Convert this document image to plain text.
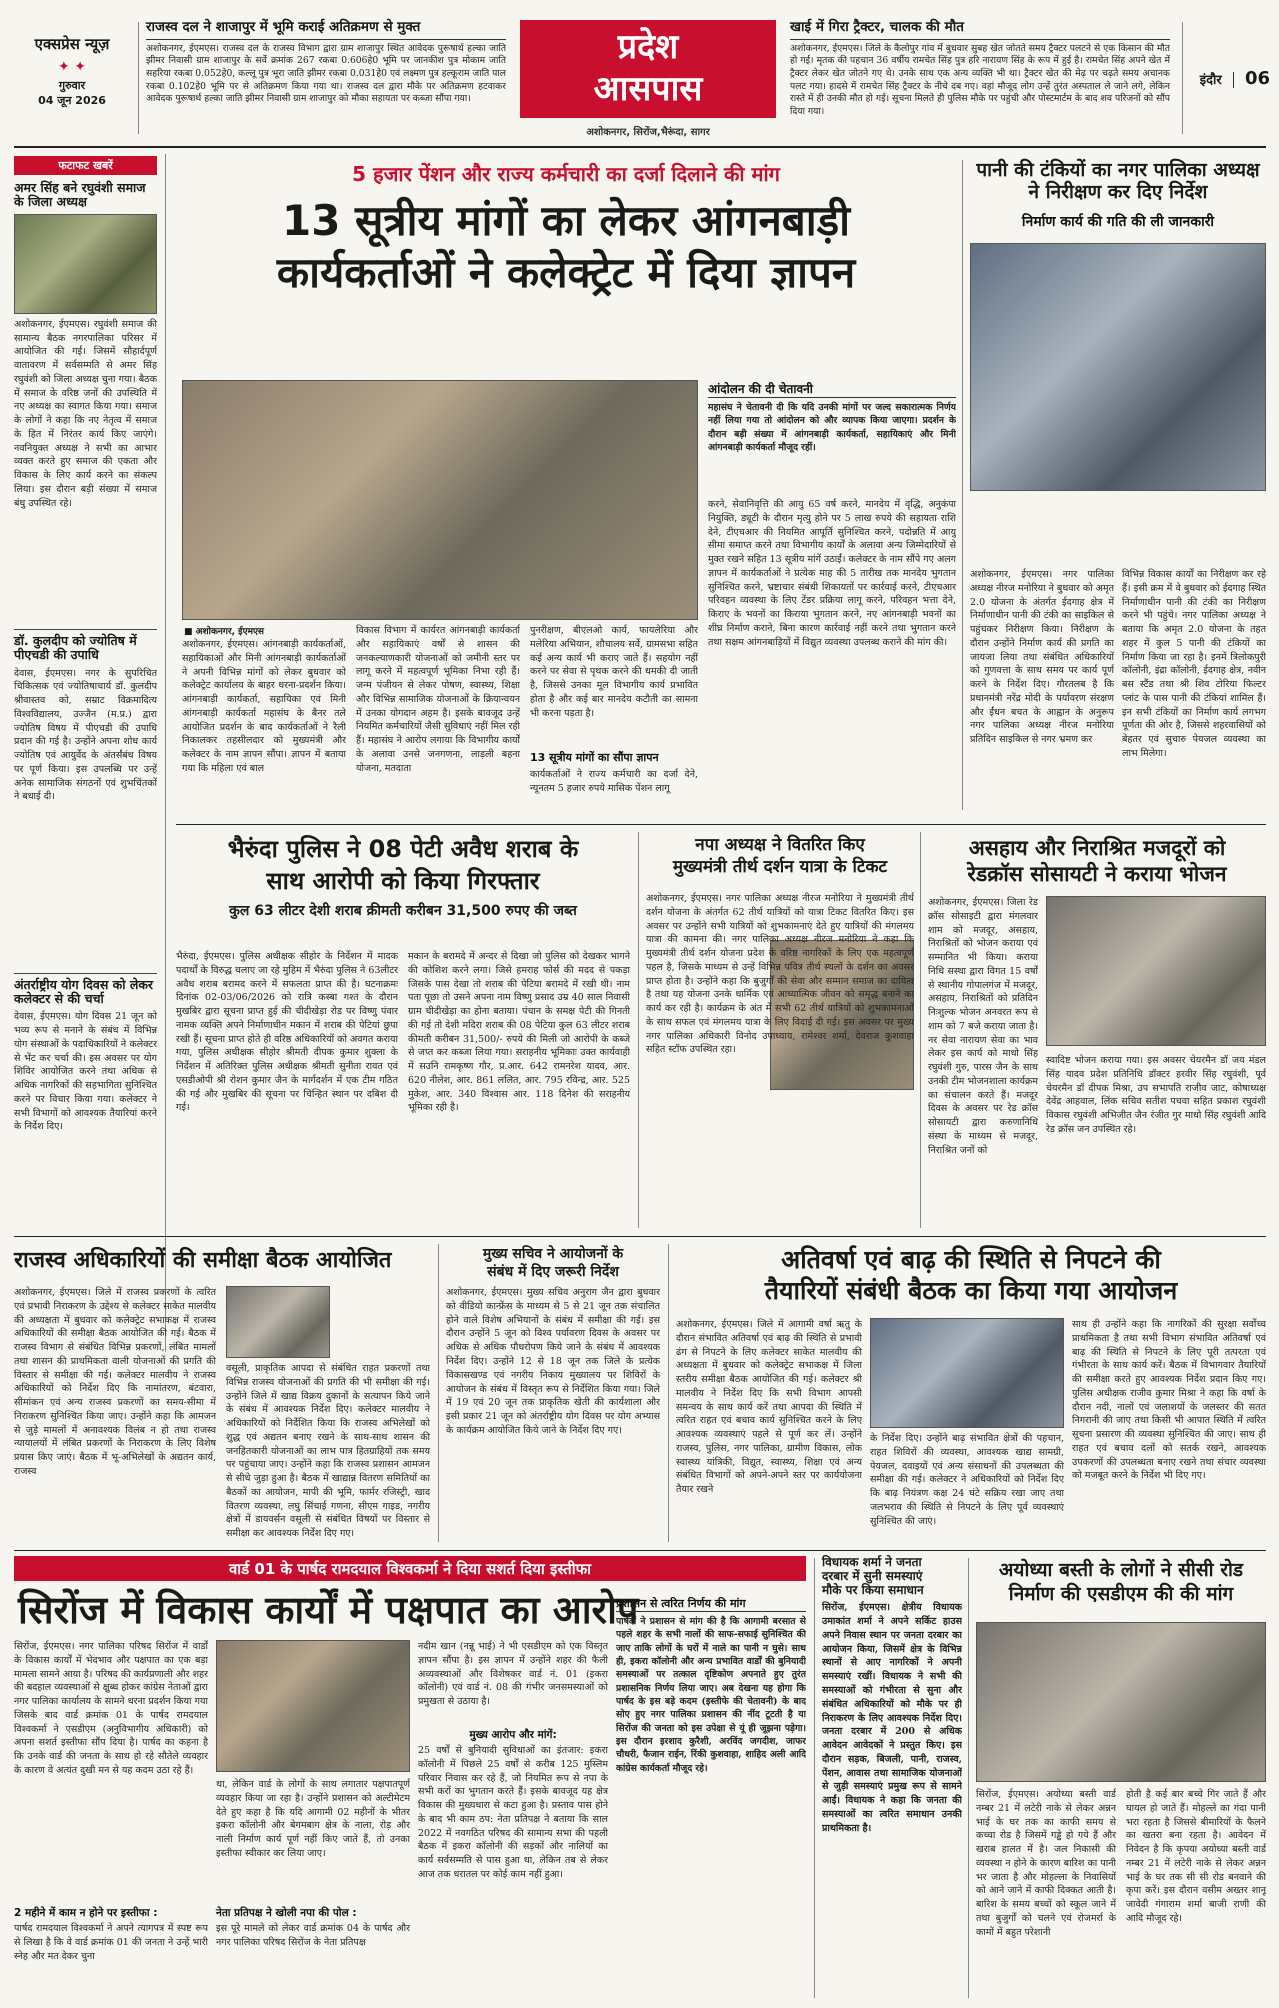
एक्सप्रेस न्यूज़
✦ ✦
गुरुवार
04 जून 2026
राजस्व दल ने शाजापुर में भूमि कराई अतिक्रमण से मुक्त
अशोकनगर, ईएमएस। राजस्व दल के राजस्व विभाग द्वारा ग्राम शाजापुर स्थित आवेदक पुरूषार्थ हल्का जाति झीमर निवासी ग्राम शाजापुर के सर्वे क्रमांक 267 रकबा 0.606हे0 भूमि पर जानकीश पुत्र मोकाम जाति सहरिया रकबा 0.052हे0, कल्लू पुत्र भूरा जाति झीमर रकबा 0.031हे0 एवं लक्ष्मण पुत्र हल्कूराम जाति पाल रकबा 0.102हे0 भूमि पर से अतिक्रमण किया गया था। राजस्व दल द्वारा मौके पर अतिक्रमण हटवाकर आवेदक पुरूषार्थ हल्का जाति झीमर निवासी ग्राम शाजापुर को मौका सहायता पर कब्जा सौंपा गया।
प्रदेश
आसपास
अशोकनगर, सिरोंज,भैरूंदा, सागर
खाई में गिरा ट्रैक्टर, चालक की मौत
अशोकनगर, ईएमएस। जिले के कैलोपुर गांव में बुधवार सुबह खेत जोतते समय ट्रैक्टर पलटने से एक किसान की मौत हो गई। मृतक की पहचान 36 वर्षीय रामचेत सिंह पुत्र हरि नारायण सिंह के रूप में हुई है। रामचेत सिंह अपने खेत में ट्रैक्टर लेकर खेत जोतने गए थे। उनके साथ एक अन्य व्यक्ति भी था। ट्रैक्टर खेत की मेढ़ पर चढ़ते समय अचानक पलट गया। हादसे में रामचेत सिंह ट्रैक्टर के नीचे दब गए। वहां मौजूद लोग उन्हें तुरंत अस्पताल ले जाने लगे, लेकिन रास्ते में ही उनकी मौत हो गई। सूचना मिलते ही पुलिस मौके पर पहुंची और पोस्टमार्टम के बाद शव परिजनों को सौंप दिया गया।
इंदौर 06
फटाफट खबरें
अमर सिंह बने रघुवंशी समाज के जिला अध्यक्ष
अशोकनगर, ईएमएस। रघुवंशी समाज की सामान्य बैठक नगरपालिका परिसर में आयोजित की गई। जिसमें सौहार्दपूर्ण वातावरण में सर्वसम्मति से अमर सिंह रघुवंशी को जिला अध्यक्ष चुना गया। बैठक में समाज के वरिष्ठ जनों की उपस्थिति में नए अध्यक्ष का स्वागत किया गया। समाज के लोगों ने कहा कि नए नेतृत्व में समाज के हित में निरंतर कार्य किए जाएंगे। नवनियुक्त अध्यक्ष ने सभी का आभार व्यक्त करते हुए समाज की एकता और विकास के लिए कार्य करने का संकल्प लिया। इस दौरान बड़ी संख्या में समाज बंधु उपस्थित रहे।
डॉ. कुलदीप को ज्योतिष में पीएचडी की उपाधि
देवास, ईएमएस। नगर के सुपरिचित चिकित्सक एवं ज्योतिषाचार्य डॉ. कुलदीप श्रीवास्तव को, सम्राट विक्रमादित्य विश्वविद्यालय, उज्जैन (म.प्र.) द्वारा ज्योतिष विषय में पीएचडी की उपाधि प्रदान की गई है। उन्होंने अपना शोध कार्य ज्योतिष एवं आयुर्वेद के अंतर्संबंध विषय पर पूर्ण किया। इस उपलब्धि पर उन्हें अनेक सामाजिक संगठनों एवं शुभचिंतकों ने बधाई दी।
अंतर्राष्ट्रीय योग दिवस को लेकर कलेक्टर से की चर्चा
देवास, ईएमएस। योग दिवस 21 जून को भव्य रूप से मनाने के संबंध में विभिन्न योग संस्थाओं के पदाधिकारियों ने कलेक्टर से भेंट कर चर्चा की। इस अवसर पर योग शिविर आयोजित करने तथा अधिक से अधिक नागरिकों की सहभागिता सुनिश्चित करने पर विचार किया गया। कलेक्टर ने सभी विभागों को आवश्यक तैयारियां करने के निर्देश दिए।
5 हजार पेंशन और राज्य कर्मचारी का दर्जा दिलाने की मांग
13 सूत्रीय मांगों का लेकर आंगनबाड़ी
कार्यकर्ताओं ने कलेक्ट्रेट में दिया ज्ञापन
आंदोलन की दी चेतावनी
महासंघ ने चेतावनी दी कि यदि उनकी मांगों पर जल्द सकारात्मक निर्णय नहीं लिया गया तो आंदोलन को और व्यापक किया जाएगा। प्रदर्शन के दौरान बड़ी संख्या में आंगनबाड़ी कार्यकर्ता, सहायिकाएं और मिनी आंगनबाड़ी कार्यकर्ता मौजूद रहीं।
करने, सेवानिवृत्ति की आयु 65 वर्ष करने, मानदेय में वृद्धि, अनुकंपा नियुक्ति, ड्यूटी के दौरान मृत्यु होने पर 5 लाख रुपये की सहायता राशि देने, टीएचआर की नियमित आपूर्ति सुनिश्चित करने, पदोन्नति में आयु सीमा समाप्त करने तथा विभागीय कार्यों के अलावा अन्य जिम्मेदारियों से मुक्त रखने सहित 13 सूत्रीय मांगें उठाईं। कलेक्टर के नाम सौंपे गए अलग ज्ञापन में कार्यकर्ताओं ने प्रत्येक माह की 5 तारीख तक मानदेय भुगतान सुनिश्चित करने, भ्रष्टाचार संबंधी शिकायतों पर कार्रवाई करने, टीएचआर परिवहन व्यवस्था के लिए टेंडर प्रक्रिया लागू करने, परिवहन भत्ता देने, किराए के भवनों का किराया भुगतान करने, नए आंगनबाड़ी भवनों का शीघ्र निर्माण कराने, बिना कारण कार्रवाई नहीं करने तथा भुगतान करने तथा सक्षम आंगनबाड़ियों में विद्युत व्यवस्था उपलब्ध कराने की मांग की।
■ अशोकनगर, ईएमएस
अशोकनगर, ईएमएस। आंगनबाड़ी कार्यकर्ताओं, सहायिकाओं और मिनी आंगनबाड़ी कार्यकर्ताओं ने अपनी विभिन्न मांगों को लेकर बुधवार को कलेक्ट्रेट कार्यालय के बाहर धरना-प्रदर्शन किया। आंगनबाड़ी कार्यकर्ता, सहायिका एवं मिनी आंगनबाड़ी कार्यकर्ता महासंघ के बैनर तले आयोजित प्रदर्शन के बाद कार्यकर्ताओं ने रैली निकालकर तहसीलदार को मुख्यमंत्री और कलेक्टर के नाम ज्ञापन सौंपा। ज्ञापन में बताया गया कि महिला एवं बाल
विकास विभाग में कार्यरत आंगनबाड़ी कार्यकर्ता और सहायिकाएं वर्षों से शासन की जनकल्याणकारी योजनाओं को जमीनी स्तर पर लागू करने में महत्वपूर्ण भूमिका निभा रही हैं। जन्म पंजीयन से लेकर पोषण, स्वास्थ्य, शिक्षा और विभिन्न सामाजिक योजनाओं के क्रियान्वयन में उनका योगदान अहम है। इसके बावजूद उन्हें नियमित कर्मचारियों जैसी सुविधाएं नहीं मिल रही हैं। महासंघ ने आरोप लगाया कि विभागीय कार्यों के अलावा उनसे जनगणना, लाड़ली बहना योजना, मतदाता
पुनरीक्षण, बीएलओ कार्य, फायलेरिया और मलेरिया अभियान, शौचालय सर्वे, ग्रामसभा सहित कई अन्य कार्य भी कराए जाते हैं। सहयोग नहीं करने पर सेवा से पृथक करने की धमकी दी जाती है, जिससे उनका मूल विभागीय कार्य प्रभावित होता है और कई बार मानदेय कटौती का सामना भी करना पड़ता है।
13 सूत्रीय मांगों का सौंपा ज्ञापन
कार्यकर्ताओं ने राज्य कर्मचारी का दर्जा देने, न्यूनतम 5 हजार रुपये मासिक पेंशन लागू
पानी की टंकियों का नगर पालिका अध्यक्ष ने निरीक्षण कर दिए निर्देश
निर्माण कार्य की गति की ली जानकारी
अशोकनगर, ईएमएस। नगर पालिका अध्यक्ष नीरज मनोरिया ने बुधवार को अमृत 2.0 योजना के अंतर्गत ईदगाह क्षेत्र में निर्माणाधीन पानी की टंकी का साइकिल से पहुंचकर निरीक्षण किया। निरीक्षण के दौरान उन्होंने निर्माण कार्य की प्रगति का जायजा लिया तथा संबंधित अधिकारियों को गुणवत्ता के साथ समय पर कार्य पूर्ण करने के निर्देश दिए। गौरतलब है कि प्रधानमंत्री नरेंद्र मोदी के पर्यावरण संरक्षण और ईंधन बचत के आह्वान के अनुरूप नगर पालिका अध्यक्ष नीरज मनोरिया प्रतिदिन साइकिल से नगर भ्रमण कर
विभिन्न विकास कार्यों का निरीक्षण कर रहे हैं। इसी क्रम में वे बुधवार को ईदगाह स्थित निर्माणाधीन पानी की टंकी का निरीक्षण करने भी पहुंचे। नगर पालिका अध्यक्ष ने बताया कि अमृत 2.0 योजना के तहत शहर में कुल 5 पानी की टंकियों का निर्माण किया जा रहा है। इनमें त्रिलोकपुरी कॉलोनी, इंद्रा कॉलोनी, ईदगाह क्षेत्र, नवीन बस स्टैंड तथा श्री शिव टोरिया फिल्टर प्लांट के पास पानी की टंकियां शामिल हैं। इन सभी टंकियों का निर्माण कार्य लगभग पूर्णता की ओर है, जिससे शहरवासियों को बेहतर एवं सुचारु पेयजल व्यवस्था का लाभ मिलेगा।
भैरुंदा पुलिस ने 08 पेटी अवैध शराब के
साथ आरोपी को किया गिरफ्तार
कुल 63 लीटर देशी शराब क्रीमती करीबन 31,500 रुपए की जब्त
भैरुंदा, ईएमएस। पुलिस अधीक्षक सीहोर के निर्देशन में मादक पदार्थों के विरुद्ध चलाए जा रहे मुहिम में भैरुंदा पुलिस ने 63लीटर अवैध शराब बरामद करने में सफलता प्राप्त की है। घटनाक्रमः दिनांक 02-03/06/2026 को रात्रि कस्बा गश्त के दौरान मुखबिर द्वारा सूचना प्राप्त हुई की चीदीखेड़ा रोड पर विष्णु पंवार नामक व्यक्ति अपने निर्माणाधीन मकान में शराब की पेटियां छुपा रखी हैं। सूचना प्राप्त होते ही वरिष्ठ अधिकारियों को अवगत कराया गया, पुलिस अधीक्षक सीहोर श्रीमती दीपक कुमार शुक्ला के निर्देशन में अतिरिक्त पुलिस अधीक्षक श्रीमती सुनीता रावत एवं एसडीओपी श्री रोशन कुमार जैन के मार्गदर्शन में एक टीम गठित की गई और मुखबिर की सूचना पर चिन्हित स्थान पर दबिश दी गई।
मकान के बरामदे में अन्दर से दिखा जो पुलिस को देखकर भागने की कोशिश करने लगा। जिसे हमराह फोर्स की मदद से पकड़ा जिसके पास देखा तो शराब की पेटिया बरामदे में रखी थी। नाम पता पूछा तो उसने अपना नाम विष्णु प्रसाद उम्र 40 साल निवासी ग्राम चीदीखेड़ा का होना बताया। पंचान के समक्ष पेटी की गिनती की गई तो देशी मदिरा शराब की 08 पेटिया कुल 63 लीटर शराब कीमती करीबन 31,500/- रुपये की मिली जो आरोपी के कब्जे से जप्त कर कब्जा लिया गया। सराहनीय भूमिकाः उक्त कार्यवाही में सउनि रामकृष्ण गौर, प्र.आर. 642 रामनरेश यादव, आर. 620 नीलेश, आर. 861 ललित, आर. 795 रविन्द्र, आर. 525 मुकेश, आर. 340 विश्वास आर. 118 दिनेश की सराहनीय भूमिका रही है।
नपा अध्यक्ष ने वितरित किए
मुख्यमंत्री तीर्थ दर्शन यात्रा के टिकट
अशोकनगर, ईएमएस। नगर पालिका अध्यक्ष नीरज मनोरिया ने मुख्यमंत्री तीर्थ दर्शन योजना के अंतर्गत 62 तीर्थ यात्रियों को यात्रा टिकट वितरित किए। इस अवसर पर उन्होंने सभी यात्रियों को शुभकामनाएं देते हुए यात्रियों की मंगलमय यात्रा की कामना की। नगर पालिका अध्यक्ष नीरज मनोरिया ने कहा कि मुख्यमंत्री तीर्थ दर्शन योजना प्रदेश के वरिष्ठ नागरिकों के लिए एक महत्वपूर्ण पहल है, जिसके माध्यम से उन्हें विभिन्न पवित्र तीर्थ स्थलों के दर्शन का अवसर प्राप्त होता है। उन्होंने कहा कि बुजुर्गों की सेवा और सम्मान समाज का दायित्व है तथा यह योजना उनके धार्मिक एवं आध्यात्मिक जीवन को समृद्ध बनाने का कार्य कर रही है। कार्यक्रम के अंत में सभी 62 तीर्थ यात्रियों को शुभकामनाओं के साथ सफल एवं मंगलमय यात्रा के लिए विदाई दी गई। इस अवसर पर मुख्य नगर पालिका अधिकारी विनोद उपाध्याय, रामेश्वर शर्मा, देवराज कुशवाहा सहित स्टॉफ उपस्थित रहा।
असहाय और निराश्रित मजदूरों को
रेडक्रॉस सोसायटी ने कराया भोजन
अशोकनगर, ईएमएस। जिला रेड क्रॉस सोसाइटी द्वारा मंगलवार शाम को मजदूर, असहाय, निराश्रितों को भोजन कराया एवं सम्मानित भी किया। कराया निधि सस्था द्वारा विगत 15 वर्षों से स्थानीय गोपालगंज में मजदूर, असहाय, निराश्रितों को प्रतिदिन निःशुल्क भोजन अनवरत रूप से शाम को 7 बजे कराया जाता है। नर सेवा नारायण सेवा का भाव लेकर इस कार्य को माधो सिंह रघुवंशी गुरु, पारस जैन के साथ उनकी टीम भोजनशाला कार्यक्रम का संचालन करते हैं। मजदूर दिवस के अवसर पर रेड क्रॉस सोसायटी द्वारा करुणानिधि संस्था के माध्यम से मजदूर, निराश्रित जनों को
स्वादिष्ट भोजन कराया गया। इस अवसर चेयरमैन डॉ जय मंडल सिंह यादव प्रदेश प्रतिनिधि डॉक्टर हरवीर सिंह रघुवंशी, पूर्व चेयरमैन डॉ दीपक मिश्रा, उप सभापति राजीव जाट, कोषाध्यक्ष देवेंद्र आहवाल, लिंक सचिव सतीश पचवा सहित प्रकाश रघुवंशी विकास रघुवंशी अभिजीत जैन रंजीत गुर माधो सिंह रघुवंशी आदि रेड क्रॉस जन उपस्थित रहे।
राजस्व अधिकारियों की समीक्षा बैठक आयोजित
अशोकनगर, ईएमएस। जिले में राजस्व प्रकरणों के त्वरित एवं प्रभावी निराकरण के उद्देश्य से कलेक्टर साकेत मालवीय की अध्यक्षता में बुधवार को कलेक्ट्रेट सभाकक्ष में राजस्व अधिकारियों की समीक्षा बैठक आयोजित की गई। बैठक में राजस्व विभाग से संबंधित विभिन्न प्रकरणों, लंबित मामलों तथा शासन की प्राथमिकता वाली योजनाओं की प्रगति की विस्तार से समीक्षा की गई। कलेक्टर मालवीय ने राजस्व अधिकारियों को निर्देश दिए कि नामांतरण, बंटवारा, सीमांकन एवं अन्य राजस्व प्रकरणों का समय-सीमा में निराकरण सुनिश्चित किया जाए। उन्होंने कहा कि आमजन से जुड़े मामलों में अनावश्यक विलंब न हो तथा राजस्व न्यायालयों में लंबित प्रकरणों के निराकरण के लिए विशेष प्रयास किए जाएं। बैठक में भू-अभिलेखों के अद्यतन कार्य, राजस्व
वसूली, प्राकृतिक आपदा से संबंधित राहत प्रकरणों तथा विभिन्न राजस्व योजनाओं की प्रगति की भी समीक्षा की गई। उन्होंने जिले में खाद्य विक्रय दुकानों के सत्यापन किये जाने के संबंध में आवश्यक निर्देश दिए। कलेक्टर मालवीय ने अधिकारियों को निर्देशित किया कि राजस्व अभिलेखों को शुद्ध एवं अद्यतन बनाए रखने के साथ-साथ शासन की जनहितकारी योजनाओं का लाभ पात्र हितग्राहियों तक समय पर पहुंचाया जाए। उन्होंने कहा कि राजस्व प्रशासन आमजन से सीधे जुड़ा हुआ है। बैठक में खाद्यान्न वितरण समितियों का बैठकों का आयोजन, मापी की भूमि, फार्मर रजिस्ट्री, खाद वितरण व्यवस्था, लघु सिंचाई गणना, सीएम गाइड, नगरीय क्षेत्रों में डायवर्सन वसूली से संबंधित विषयों पर विस्तार से समीक्षा कर आवश्यक निर्देश दिए गए।
मुख्य सचिव ने आयोजनों के
संबंध में दिए जरूरी निर्देश
अशोकनगर, ईएमएस। मुख्य सचिव अनुराग जैन द्वारा बुधवार को वीडियो कान्फ्रेंस के माध्यम से 5 से 21 जून तक संचालित होने वाले विशेष अभियानों के संबंध में समीक्षा की गई। इस दौरान उन्होंने 5 जून को विश्व पर्यावरण दिवस के अवसर पर अधिक से अधिक पौधरोपण किये जाने के संबंध में आवश्यक निर्देश दिए। उन्होंने 12 से 18 जून तक जिले के प्रत्येक विकासखण्ड एवं नगरीय निकाय मुख्यालय पर शिविरों के आयोजन के संबंध में विस्तृत रूप से निर्देशित किया गया। जिले में 19 एवं 20 जून तक प्राकृतिक खेती की कार्यशाला और इसी प्रकार 21 जून को अंतर्राष्ट्रीय योग दिवस पर योग अभ्यास के कार्यक्रम आयोजित किये जाने के निर्देश दिए गए।
अतिवर्षा एवं बाढ़ की स्थिति से निपटने की
तैयारियों संबंधी बैठक का किया गया आयोजन
अशोकनगर, ईएमएस। जिले में आगामी वर्षा ऋतु के दौरान संभावित अतिवर्षा एवं बाढ़ की स्थिति से प्रभावी ढंग से निपटने के लिए कलेक्टर साकेत मालवीय की अध्यक्षता में बुधवार को कलेक्ट्रेट सभाकक्ष में जिला स्तरीय समीक्षा बैठक आयोजित की गई। कलेक्टर श्री मालवीय ने निर्देश दिए कि सभी विभाग आपसी समन्वय के साथ कार्य करें तथा आपदा की स्थिति में त्वरित राहत एवं बचाव कार्य सुनिश्चित करने के लिए आवश्यक व्यवस्थाएं पहले से पूर्ण कर लें। उन्होंने राजस्व, पुलिस, नगर पालिका, ग्रामीण विकास, लोक स्वास्थ्य यांत्रिकी, विद्युत, स्वास्थ्य, शिक्षा एवं अन्य संबंधित विभागों को अपने-अपने स्तर पर कार्ययोजना तैयार रखने
के निर्देश दिए। उन्होंने बाढ़ संभावित क्षेत्रों की पहचान, राहत शिविरों की व्यवस्था, आवश्यक खाद्य सामग्री, पेयजल, दवाइयों एवं अन्य संसाधनों की उपलब्धता की समीक्षा की गई। कलेक्टर ने अधिकारियों को निर्देश दिए कि बाढ़ नियंत्रण कक्ष 24 घंटे सक्रिय रखा जाए तथा जलभराव की स्थिति से निपटने के लिए पूर्व व्यवस्थाएं सुनिश्चित की जाएं।
साथ ही उन्होंने कहा कि नागरिकों की सुरक्षा सर्वोच्च प्राथमिकता है तथा सभी विभाग संभावित अतिवर्षा एवं बाढ़ की स्थिति से निपटने के लिए पूरी तत्परता एवं गंभीरता के साथ कार्य करें। बैठक में विभागवार तैयारियों की समीक्षा करते हुए आवश्यक निर्देश प्रदान किए गए। पुलिस अधीक्षक राजीव कुमार मिश्रा ने कहा कि वर्षा के दौरान नदी, नालों एवं जलाशयों के जलस्तर की सतत निगरानी की जाए तथा किसी भी आपात स्थिति में त्वरित सूचना प्रसारण की व्यवस्था सुनिश्चित की जाए। साथ ही राहत एवं बचाव दलों को सतर्क रखने, आवश्यक उपकरणों की उपलब्धता बनाए रखने तथा संचार व्यवस्था को मजबूत करने के निर्देश भी दिए गए।
वार्ड 01 के पार्षद रामदयाल विश्वकर्मा ने दिया सशर्त दिया इस्तीफा
सिरोंज में विकास कार्यों में पक्षपात का आरोप
सिरोंज, ईएमएस। नगर पालिका परिषद सिरोंज में वार्डों के विकास कार्यों में भेदभाव और पक्षपात का एक बड़ा मामला सामने आया है। परिषद की कार्यप्रणाली और शहर की बदहाल व्यवस्थाओं से क्षुब्ध होकर कांग्रेस नेताओं द्वारा नगर पालिका कार्यालय के सामने धरना प्रदर्शन किया गया जिसके बाद वार्ड क्रमांक 01 के पार्षद रामदयाल विश्वकर्मा ने एसडीएम (अनुविभागीय अधिकारी) को अपना सशर्त इस्तीफा सौंप दिया है। पार्षद का कहना है कि उनके वार्ड की जनता के साथ हो रहे सौतेले व्यवहार के कारण वे अत्यंत दुखी मन से यह कदम उठा रहे हैं।
2 महीने में काम न होने पर इस्तीफा :
पार्षद रामदयाल विश्वकर्मा ने अपने त्यागपत्र में स्पष्ट रूप से लिखा है कि वे वार्ड क्रमांक 01 की जनता ने उन्हें भारी स्नेह और मत देकर चुना
था, लेकिन वार्ड के लोगों के साथ लगातार पक्षपातपूर्ण व्यवहार किया जा रहा है। उन्होंने प्रशासन को अल्टीमेटम देते हुए कहा है कि यदि आगामी 02 महीनों के भीतर इकरा कॉलोनी और बेगमबाग क्षेत्र के नाला, रोड़ और नाली निर्माण कार्य पूर्ण नहीं किए जाते हैं, तो उनका इस्तीफा स्वीकार कर लिया जाए।
नेता प्रतिपक्ष ने खोली नपा की पोल :
इस पूरे मामले को लेकर वार्ड क्रमांक 04 के पार्षद और नगर पालिका परिषद सिरोंज के नेता प्रतिपक्ष
नदीम खान (नन्नू भाई) ने भी एसडीएम को एक विस्तृत ज्ञापन सौंपा है। इस ज्ञापन में उन्होंने शहर की फैली अव्यवस्थाओं और विशेषकर वार्ड नं. 01 (इकरा कॉलोनी) एवं वार्ड नं. 08 की गंभीर जनसमस्याओं को प्रमुखता से उठाया है।
मुख्य आरोप और मांगें:
25 वर्षों से बुनियादी सुविधाओं का इंतजार: इकरा कॉलोनी में पिछले 25 वर्षों से करीब 125 मुस्लिम परिवार निवास कर रहे हैं, जो नियमित रूप से नपा के सभी करों का भुगतान करते हैं। इसके बावजूद यह क्षेत्र विकास की मुख्यधारा से कटा हुआ है। प्रस्ताव पास होने के बाद भी काम ठप: नेता प्रतिपक्ष ने बताया कि साल 2022 में नवगठित परिषद की सामान्य सभा की पहली बैठक में इकरा कॉलोनी की सड़कों और नालियों का कार्य सर्वसम्मति से पास हुआ था, लेकिन तब से लेकर आज तक धरातल पर कोई काम नहीं हुआ।
प्रशासन से त्वरित निर्णय की मांग
पार्षदों ने प्रशासन से मांग की है कि आगामी बरसात से पहले शहर के सभी नालों की साफ-सफाई सुनिश्चित की जाए ताकि लोगों के घरों में नाले का पानी न घुसे। साथ ही, इकरा कॉलोनी और अन्य प्रभावित वार्डों की बुनियादी समस्याओं पर तत्काल दृष्टिकोण अपनाते हुए तुरंत प्रशासनिक निर्णय लिया जाए। अब देखना यह होगा कि पार्षद के इस बड़े कदम (इस्तीफे की चेतावनी) के बाद सोए हुए नगर पालिका प्रशासन की नींद टूटती है या सिरोंज की जनता को इस उपेक्षा से यूं ही जूझना पड़ेगा। इस दौरान इरशाद कुरैशी, अरविंद जगदीश, जाफर चौधरी, फैजान राईन, रिंकी कुशवाहा, शाहिद अली आदि कांग्रेस कार्यकर्ता मौजूद रहे।
विधायक शर्मा ने जनता
दरबार में सुनी समस्याएं
मौके पर किया समाधान
सिरोंज, ईएमएस। क्षेत्रीय विधायक उमाकांत शर्मा ने अपने सर्किट हाउस अपने निवास स्थान पर जनता दरबार का आयोजन किया, जिसमें क्षेत्र के विभिन्न स्थानों से आए नागरिकों ने अपनी समस्याएं रखीं। विधायक ने सभी की समस्याओं को गंभीरता से सुना और संबंधित अधिकारियों को मौके पर ही निराकरण के लिए आवश्यक निर्देश दिए। जनता दरबार में 200 से अधिक आवेदन आवेदकों ने प्रस्तुत किए। इस दौरान सड़क, बिजली, पानी, राजस्व, पेंशन, आवास तथा सामाजिक योजनाओं से जुड़ी समस्याएं प्रमुख रूप से सामने आईं। विधायक ने कहा कि जनता की समस्याओं का त्वरित समाधान उनकी प्राथमिकता है।
अयोध्या बस्ती के लोगों ने सीसी रोड
निर्माण की एसडीएम की की मांग
सिरोंज, ईएमएस। अयोध्या बस्ती वार्ड नम्बर 21 में लटेरी नाके से लेकर अन्नन भाई के घर तक का काफी समय से कच्चा रोड है जिसमें गड्ढे हो गये हैं और खराब हालत में है। जल निकासी की व्यवस्था न होने के कारण बारिश का पानी भर जाता है और मोहल्ला के निवासियों को आने जाने में काफी दिक्कत आती है। बारिश के समय बच्चों को स्कूल जाने में तथा बुजुर्गों को चलने एवं रोजमर्रा के कामों में बहुत परेशानी
होती है कई बार बच्चे गिर जाते हैं और घायल हो जाते हैं। मोहल्ले का गंदा पानी भरा रहता है जिससे बीमारियों के फैलने का खतरा बना रहता है। आवेदन में निवेदन है कि कृपया अयोध्या बस्ती वार्ड नम्बर 21 में लटेरी नाके से लेकर अन्नन भाई के घर तक सी सी रोड बनवाने की कृपा करें। इस दौरान वसीम अख्तर शानू जावेदी गंगाराम शर्मा बाजी राणी की आदि मौजूद रहे।
